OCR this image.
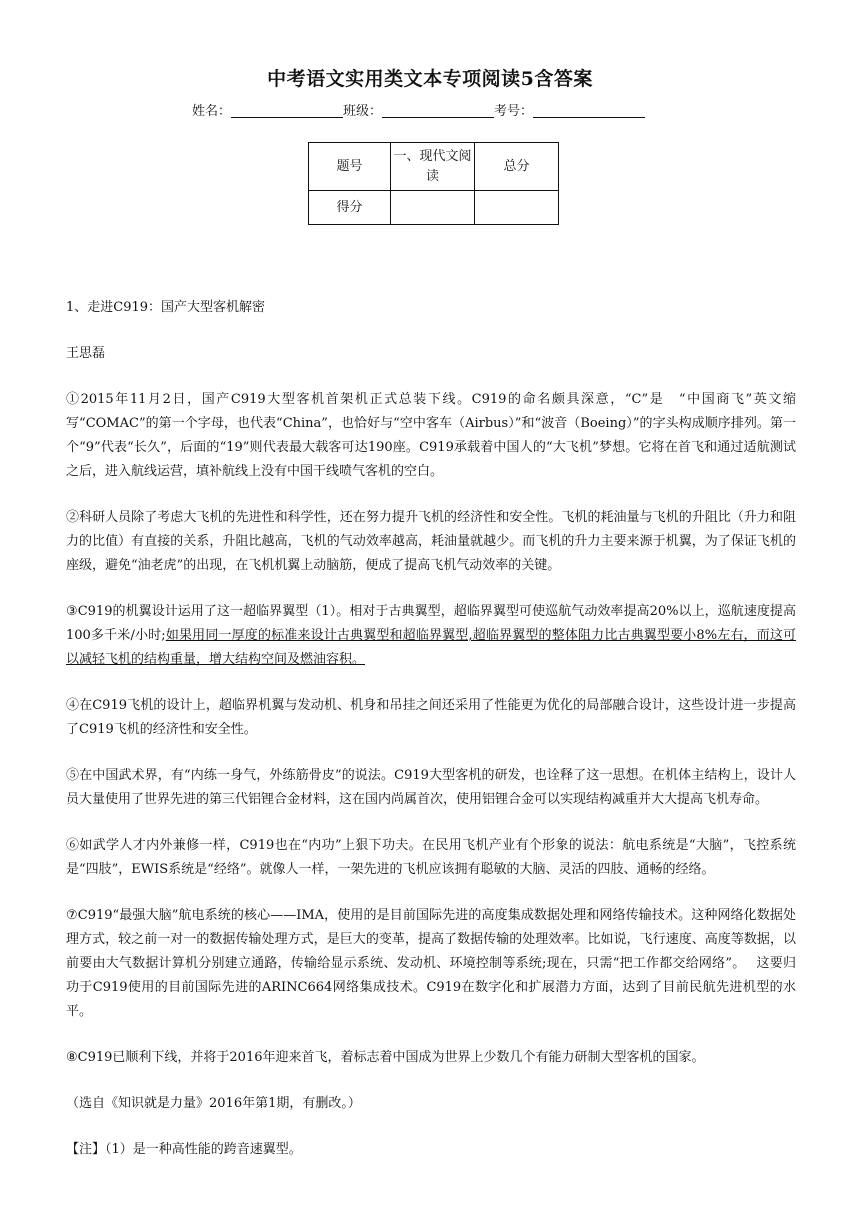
中考语文实用类文本专项阅读5含答案
姓名：	班级：	考号：
题号	一、现代文阅读	总分
得分		

1、走进C919：国产大型客机解密

王思磊

①2015年11月2日，国产C919大型客机首架机正式总装下线。C919的命名颇具深意，“C”是　“中国商飞”英文缩写“COMAC”的第一个字母，也代表“China”，也恰好与“空中客车（Airbus）”和“波音（Boeing）”的字头构成顺序排列。第一个“9”代表“长久”，后面的“19”则代表最大载客可达190座。C919承载着中国人的“大飞机”梦想。它将在首飞和通过适航测试之后，进入航线运营，填补航线上没有中国干线喷气客机的空白。

②科研人员除了考虑大飞机的先进性和科学性，还在努力提升飞机的经济性和安全性。飞机的耗油量与飞机的升阻比（升力和阻力的比值）有直接的关系，升阻比越高，飞机的气动效率越高，耗油量就越少。而飞机的升力主要来源于机翼，为了保证飞机的座级，避免“油老虎”的出现，在飞机机翼上动脑筋，便成了提高飞机气动效率的关键。

③C919的机翼设计运用了这一超临界翼型（1）。相对于古典翼型，超临界翼型可使巡航气动效率提高20%以上，巡航速度提高100多千米/小时;如果用同一厚度的标准来设计古典翼型和超临界翼型,超临界翼型的整体阻力比古典翼型要小8%左右，而这可以减轻飞机的结构重量，增大结构空间及燃油容积。

④在C919飞机的设计上，超临界机翼与发动机、机身和吊挂之间还采用了性能更为优化的局部融合设计，这些设计进一步提高了C919飞机的经济性和安全性。

⑤在中国武术界，有“内练一身气，外练筋骨皮”的说法。C919大型客机的研发，也诠释了这一思想。在机体主结构上，设计人员大量使用了世界先进的第三代铝锂合金材料，这在国内尚属首次，使用铝锂合金可以实现结构减重并大大提高飞机寿命。

⑥如武学人才内外兼修一样，C919也在“内功”上狠下功夫。在民用飞机产业有个形象的说法：航电系统是“大脑”，飞控系统是“四肢”，EWIS系统是“经络”。就像人一样，一架先进的飞机应该拥有聪敏的大脑、灵活的四肢、通畅的经络。

⑦C919“最强大脑”航电系统的核心——IMA，使用的是目前国际先进的高度集成数据处理和网络传输技术。这种网络化数据处理方式，较之前一对一的数据传输处理方式，是巨大的变革，提高了数据传输的处理效率。比如说，飞行速度、高度等数据，以前要由大气数据计算机分别建立通路，传输给显示系统、发动机、环境控制等系统;现在，只需“把工作都交给网络”。　 这要归功于C919使用的目前国际先进的ARINC664网络集成技术。C919在数字化和扩展潜力方面，达到了目前民航先进机型的水平。

⑧C919已顺利下线，并将于2016年迎来首飞，着标志着中国成为世界上少数几个有能力研制大型客机的国家。

（选自《知识就是力量》2016年第1期，有删改。）

【注】（1）是一种高性能的跨音速翼型。
